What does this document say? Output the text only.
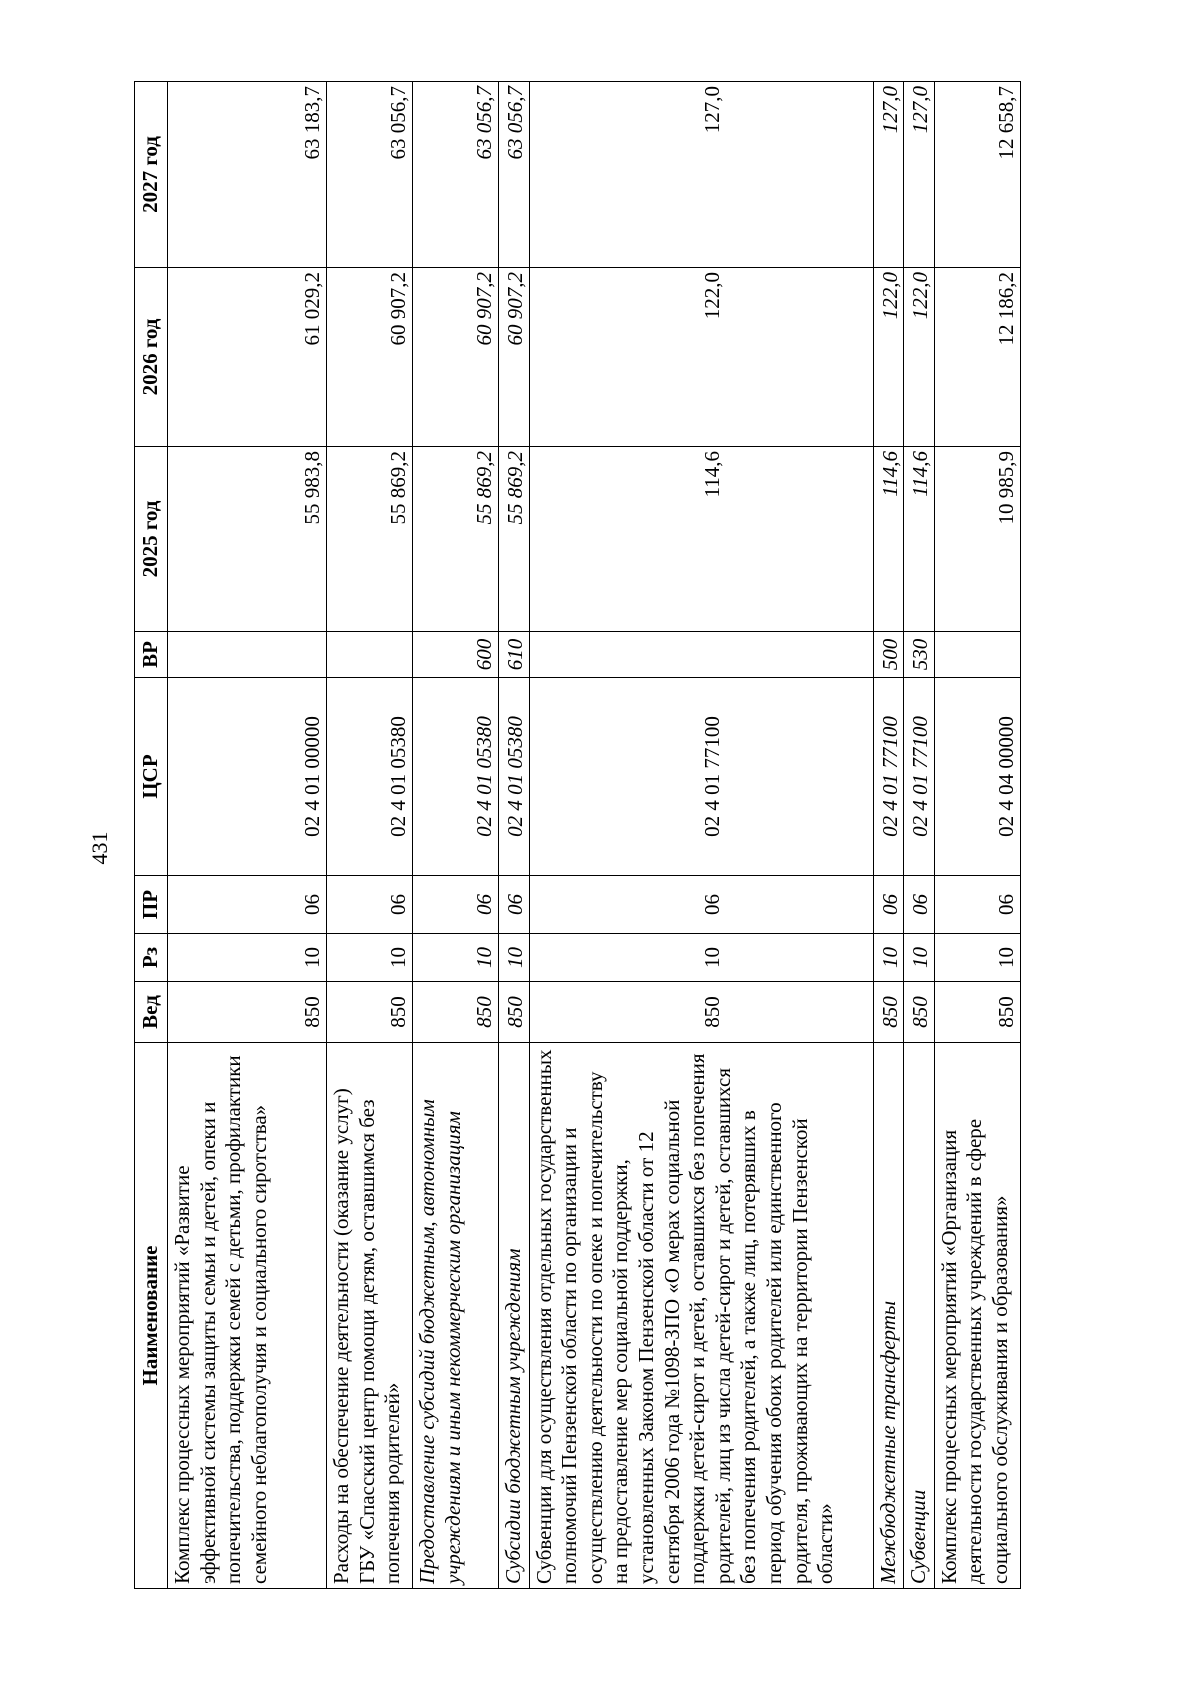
431
Наименование	Вед	Рз	ПР	ЦСР	ВР	2025 год	2026 год	2027 год
Комплекс процессных мероприятий «Развитие эффективной системы защиты семьи и детей, опеки и попечительства, поддержки семей с детьми, профилактики семейного неблагополучия и социального сиротства»	850	10	06	02 4 01 00000		55 983,8	61 029,2	63 183,7
Расходы на обеспечение деятельности (оказание услуг) ГБУ «Спасский центр помощи детям, оставшимся без попечения родителей»	850	10	06	02 4 01 05380		55 869,2	60 907,2	63 056,7
Предоставление субсидий бюджетным, автономным учреждениям и иным некоммерческим организациям	850	10	06	02 4 01 05380	600	55 869,2	60 907,2	63 056,7
Субсидии бюджетным учреждениям	850	10	06	02 4 01 05380	610	55 869,2	60 907,2	63 056,7
Субвенции для осуществления отдельных государственных полномочий Пензенской области по организации и осуществлению деятельности по опеке и попечительству на предоставление мер социальной поддержки, установленных Законом Пензенской области от 12 сентября 2006 года №1098-ЗПО «О мерах социальной поддержки детей-сирот и детей, оставшихся без попечения родителей, лиц из числа детей-сирот и детей, оставшихся без попечения родителей, а также лиц, потерявших в период обучения обоих родителей или единственного родителя, проживающих на территории Пензенской области»	850	10	06	02 4 01 77100		114,6	122,0	127,0
Межбюджетные трансферты	850	10	06	02 4 01 77100	500	114,6	122,0	127,0
Субвенции	850	10	06	02 4 01 77100	530	114,6	122,0	127,0
Комплекс процессных мероприятий «Организация деятельности государственных учреждений в сфере социального обслуживания и образования»	850	10	06	02 4 04 00000		10 985,9	12 186,2	12 658,7
